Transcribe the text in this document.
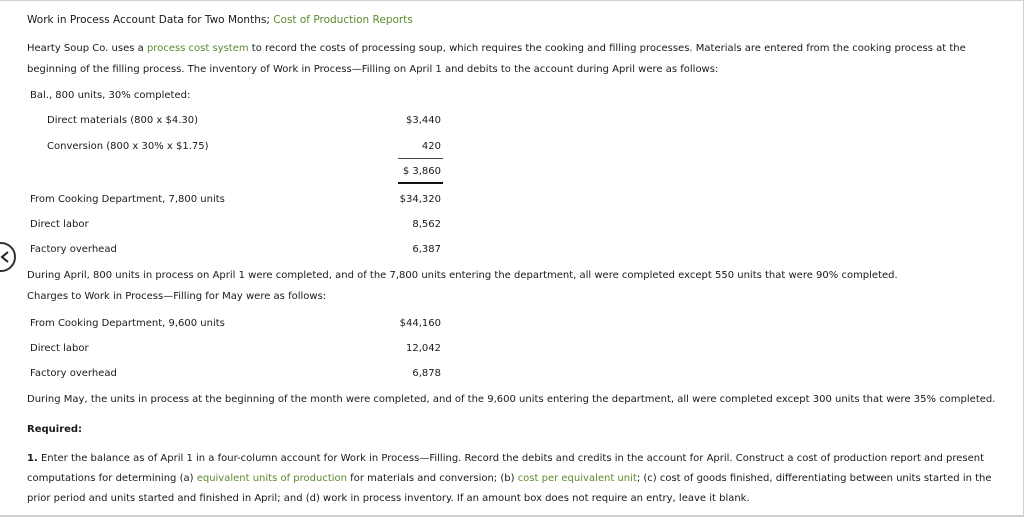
Work in Process Account Data for Two Months; Cost of Production Reports
Hearty Soup Co. uses a process cost system to record the costs of processing soup, which requires the cooking and filling processes. Materials are entered from the cooking process at the
beginning of the filling process. The inventory of Work in Process—Filling on April 1 and debits to the account during April were as follows:
Bal., 800 units, 30% completed:
Direct materials (800 x $4.30)	$3,440
Conversion (800 x 30% x $1.75)	420
$ 3,860
From Cooking Department, 7,800 units	$34,320
Direct labor	8,562
Factory overhead	6,387
During April, 800 units in process on April 1 were completed, and of the 7,800 units entering the department, all were completed except 550 units that were 90% completed.
Charges to Work in Process—Filling for May were as follows:
From Cooking Department, 9,600 units	$44,160
Direct labor	12,042
Factory overhead	6,878
During May, the units in process at the beginning of the month were completed, and of the 9,600 units entering the department, all were completed except 300 units that were 35% completed.
Required:
1. Enter the balance as of April 1 in a four-column account for Work in Process—Filling. Record the debits and credits in the account for April. Construct a cost of production report and present
computations for determining (a) equivalent units of production for materials and conversion; (b) cost per equivalent unit; (c) cost of goods finished, differentiating between units started in the
prior period and units started and finished in April; and (d) work in process inventory. If an amount box does not require an entry, leave it blank.
